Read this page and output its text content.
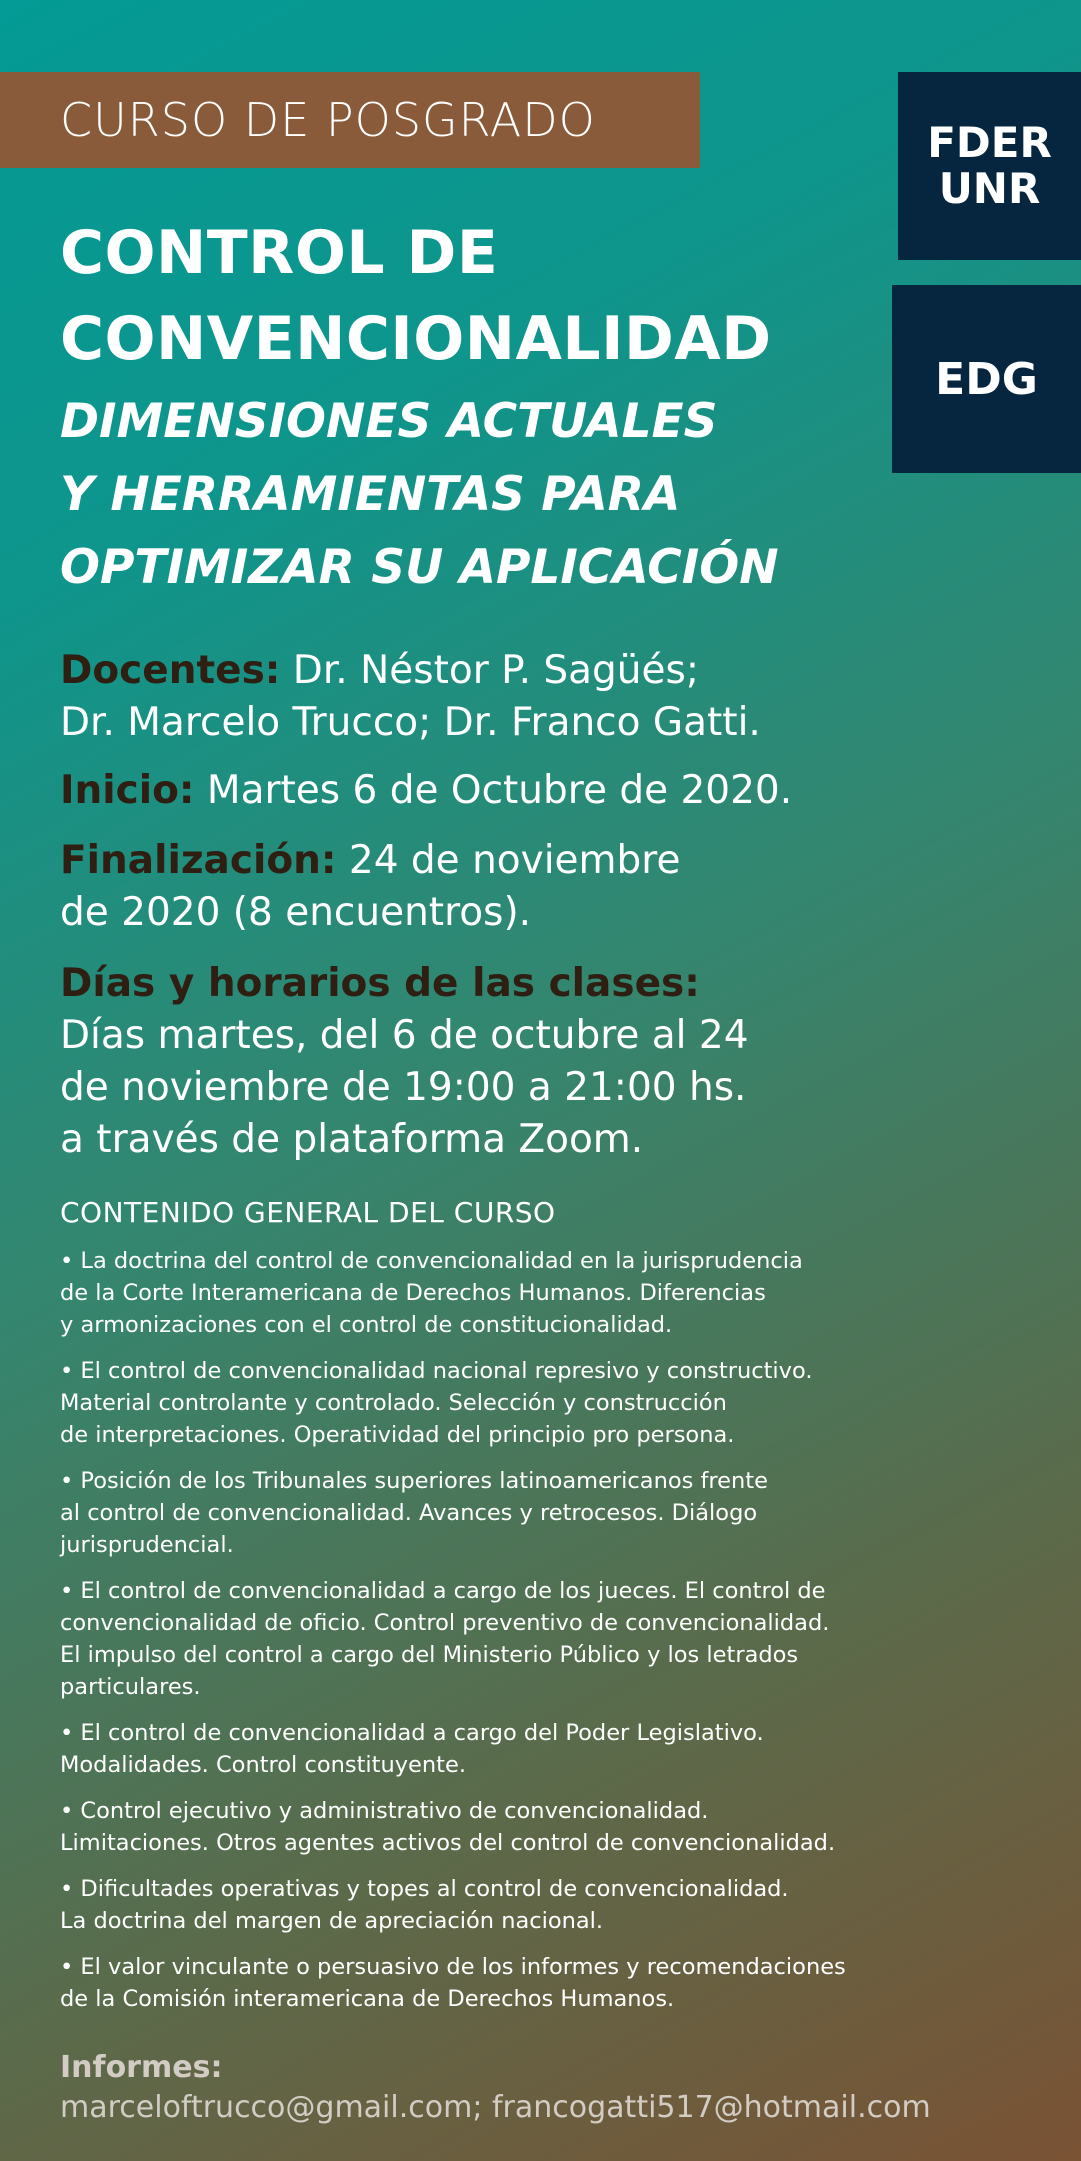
CURSO DE POSGRADO	FDER
UNR
EDG
CONTROL DE
CONVENCIONALIDAD
DIMENSIONES ACTUALES
Y HERRAMIENTAS PARA
OPTIMIZAR SU APLICACIÓN
Docentes: Dr. Néstor P. Sagüés;
Dr. Marcelo Trucco; Dr. Franco Gatti.
Inicio: Martes 6 de Octubre de 2020.
Finalización: 24 de noviembre
de 2020 (8 encuentros).
Días y horarios de las clases:
Días martes, del 6 de octubre al 24
de noviembre de 19:00 a 21:00 hs.
a través de plataforma Zoom.
CONTENIDO GENERAL DEL CURSO
• La doctrina del control de convencionalidad en la jurisprudencia
de la Corte Interamericana de Derechos Humanos. Diferencias
y armonizaciones con el control de constitucionalidad.
• El control de convencionalidad nacional represivo y constructivo.
Material controlante y controlado. Selección y construcción
de interpretaciones. Operatividad del principio pro persona.
• Posición de los Tribunales superiores latinoamericanos frente
al control de convencionalidad. Avances y retrocesos. Diálogo
jurisprudencial.
• El control de convencionalidad a cargo de los jueces. El control de
convencionalidad de oficio. Control preventivo de convencionalidad.
El impulso del control a cargo del Ministerio Público y los letrados
particulares.
• El control de convencionalidad a cargo del Poder Legislativo.
Modalidades. Control constituyente.
• Control ejecutivo y administrativo de convencionalidad.
Limitaciones. Otros agentes activos del control de convencionalidad.
• Dificultades operativas y topes al control de convencionalidad.
La doctrina del margen de apreciación nacional.
• El valor vinculante o persuasivo de los informes y recomendaciones
de la Comisión interamericana de Derechos Humanos.
Informes:
marceloftrucco@gmail.com; francogatti517@hotmail.com
